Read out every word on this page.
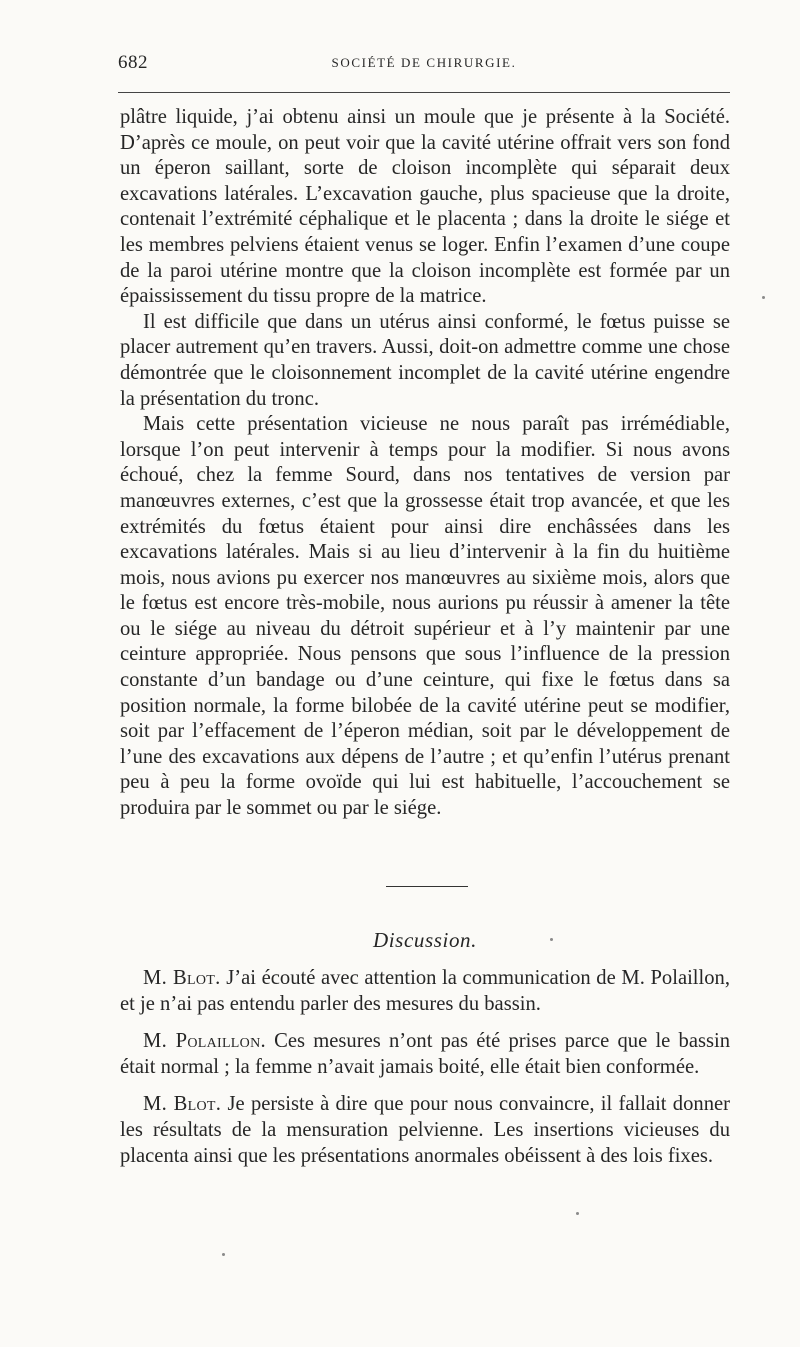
682	SOCIÉTÉ DE CHIRURGIE.

plâtre liquide, j’ai obtenu ainsi un moule que je présente à la Société. D’après ce moule, on peut voir que la cavité utérine offrait vers son fond un éperon saillant, sorte de cloison incomplète qui séparait deux excavations latérales. L’excavation gauche, plus spacieuse que la droite, contenait l’extrémité céphalique et le placenta ; dans la droite le siége et les membres pelviens étaient venus se loger. Enfin l’examen d’une coupe de la paroi utérine montre que la cloison incomplète est formée par un épaississement du tissu propre de la matrice.

Il est difficile que dans un utérus ainsi conformé, le fœtus puisse se placer autrement qu’en travers. Aussi, doit-on admettre comme une chose démontrée que le cloisonnement incomplet de la cavité utérine engendre la présentation du tronc.

Mais cette présentation vicieuse ne nous paraît pas irrémédiable, lorsque l’on peut intervenir à temps pour la modifier. Si nous avons échoué, chez la femme Sourd, dans nos tentatives de version par manœuvres externes, c’est que la grossesse était trop avancée, et que les extrémités du fœtus étaient pour ainsi dire enchâssées dans les excavations latérales. Mais si au lieu d’intervenir à la fin du huitième mois, nous avions pu exercer nos manœuvres au sixième mois, alors que le fœtus est encore très-mobile, nous aurions pu réussir à amener la tête ou le siége au niveau du détroit supérieur et à l’y maintenir par une ceinture appropriée. Nous pensons que sous l’influence de la pression constante d’un bandage ou d’une ceinture, qui fixe le fœtus dans sa position normale, la forme bilobée de la cavité utérine peut se modifier, soit par l’effacement de l’éperon médian, soit par le développement de l’une des excavations aux dépens de l’autre ; et qu’enfin l’utérus prenant peu à peu la forme ovoïde qui lui est habituelle, l’accouchement se produira par le sommet ou par le siége.

Discussion.

M. Blot. J’ai écouté avec attention la communication de M. Polaillon, et je n’ai pas entendu parler des mesures du bassin.

M. Polaillon. Ces mesures n’ont pas été prises parce que le bassin était normal ; la femme n’avait jamais boité, elle était bien conformée.

M. Blot. Je persiste à dire que pour nous convaincre, il fallait donner les résultats de la mensuration pelvienne. Les insertions vicieuses du placenta ainsi que les présentations anormales obéissent à des lois fixes.
